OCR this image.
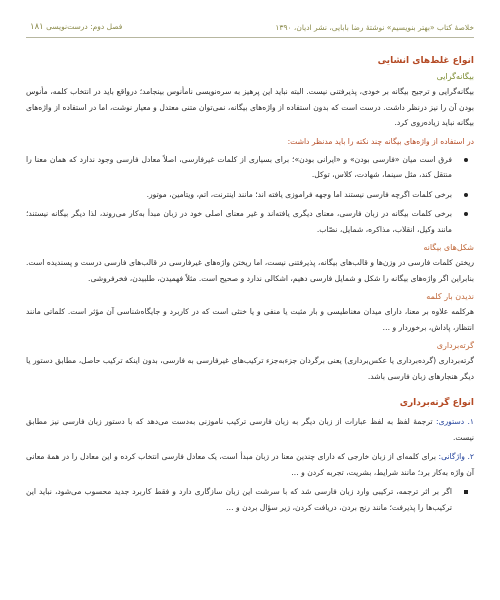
خلاصهٔ کتاب «بهتر بنویسیم» نوشتهٔ رضا بابایی، نشر ادیان، ۱۳۹۰
فصل دوم: درست‌نویسی ۱۸۱
انواع غلط‌های انشایی
بیگانه‌گرایی

بیگانه‌گرایی و ترجیح بیگانه بر خودی، پذیرفتنی نیست. البته نباید این پرهیز به سره‌نویسی نامأنوس بینجامد؛ درواقع باید در انتخاب کلمه، مأنوس بودن آن را نیز درنظر داشت. درست است که بدون استفاده از واژه‌های بیگانه، نمی‌توان متنی معتدل و معیار نوشت، اما در استفاده از واژه‌های بیگانه نباید زیاده‌روی کرد.

در استفاده از واژه‌های بیگانه چند نکته را باید مدنظر داشت:
فرق است میان «فارسی بودن» و «ایرانی بودن»؛ برای بسیاری از کلمات غیرفارسی، اصلاً معادل فارسی وجود ندارد که همان معنا را منتقل کند، مثل سینما، شهادت، کلاس، توکل.
برخی کلمات اگرچه فارسی نیستند اما وجهه فراموزی یافته اند؛ مانند اینترنت، اتم، ویتامین، موتور.
برخی کلمات بیگانه در زبان فارسی، معنای دیگری یافته‌اند و غیر معنای اصلی خود در زبان مبدأ به‌کار می‌روند، لذا دیگر بیگانه نیستند؛ مانند وکیل، انقلاب، مذاکره، شمایل، نصّاب.
شکل‌های بیگانه

ریختن کلمات فارسی در وزن‌ها و قالب‌های بیگانه، پذیرفتنی نیست، اما ریختن واژه‌های غیرفارسی در قالب‌های فارسی درست و پسندیده است. بنابراین اگر واژه‌های بیگانه را شکل و شمایل فارسی دهیم، اشکالی ندارد و صحیح است. مثلاً فهمیدن، طلبیدن، فخرفروشی.

ندیدن بار کلمه

هرکلمه علاوه بر معنا، دارای میدان مغناطیسی و بار مثبت یا منفی و یا خنثی است که در کاربرد و جایگاه‌شناسی آن مؤثر است. کلماتی مانند انتظار، پاداش، برخوردار و …

گرته‌برداری

گرته‌برداری (گرده‌برداری یا عکس‌برداری) یعنی برگردان جزءبه‌جزء ترکیب‌های غیرفارسی به فارسی، بدون اینکه ترکیب حاصل، مطابق دستور یا دیگر هنجارهای زبان فارسی باشد.

انواع گرته‌برداری
۱. دستوری: ترجمهٔ لفظ به لفظ عبارات از زبان دیگر به زبان فارسی ترکیب ناموزنی به‌دست می‌دهد که با دستور زبان فارسی نیز مطابق نیست.
۲. واژگانی: برای کلمه‌ای از زبان خارجی که دارای چندین معنا در زبان مبدأ است، یک معادل فارسی انتخاب کرده و این معادل را در همهٔ معانی آن واژه به‌کار برد؛ مانند شرایط، بشریت، تجربه کردن و …
اگر بر اثر ترجمه، ترکیبی وارد زبان فارسی شد که با سرشت این زبان سازگاری دارد و فقط کاربرد جدید محسوب می‌شود، نباید این ترکیب‌ها را پذیرفت؛ مانند رنج بردن، دریافت کردن، زیر سؤال بردن و …
